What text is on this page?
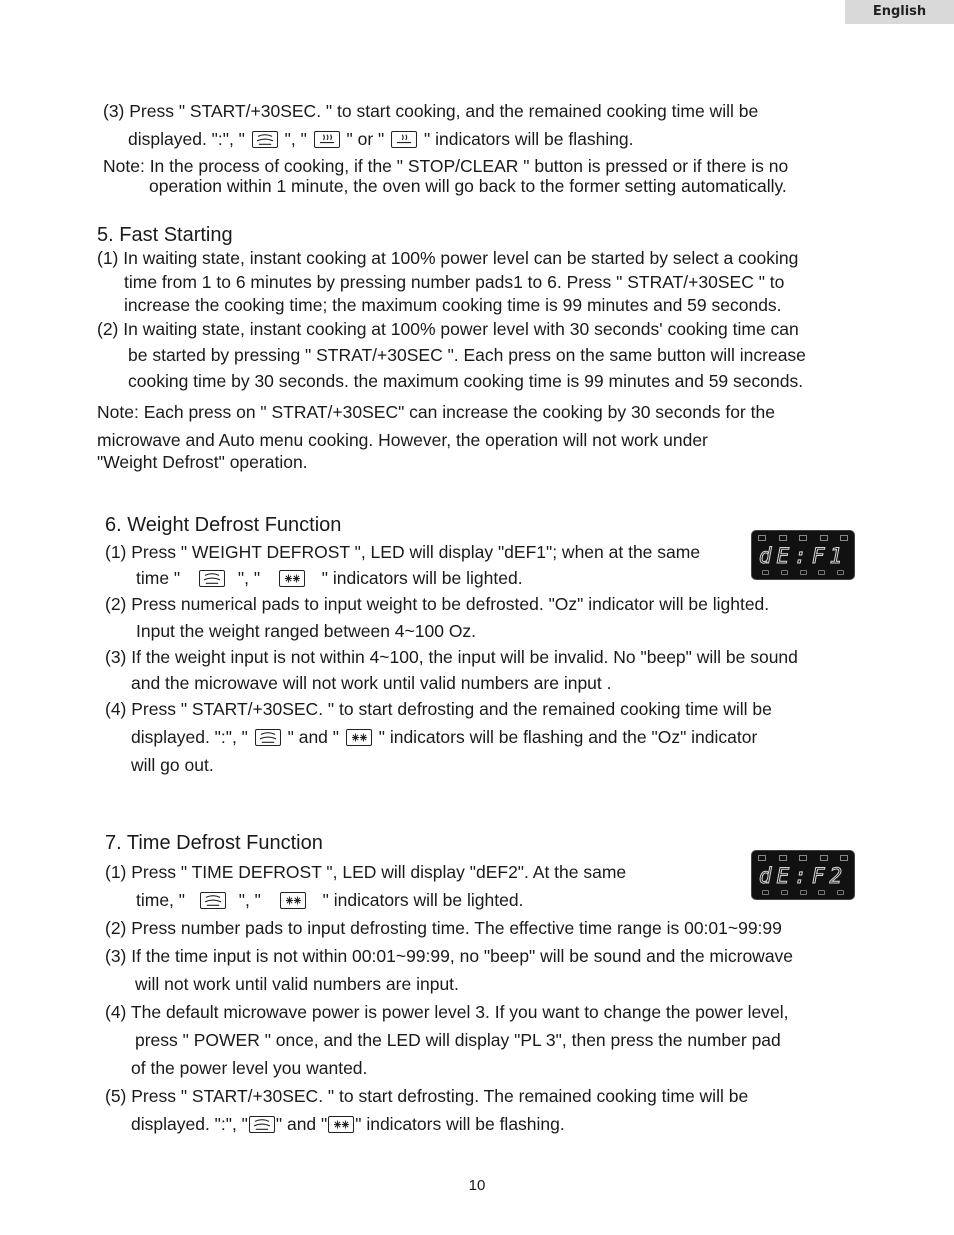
English
(3) Press " START/+30SEC. " to start cooking, and the remained cooking time will be
displayed. ":", " ", " " or " " indicators will be flashing.
Note: In the process of cooking, if the " STOP/CLEAR " button is pressed or if there is no
operation within 1 minute, the oven will go back to the former setting automatically.
5. Fast Starting
(1) In waiting state, instant cooking at 100% power level can be started by select a cooking
time from 1 to 6 minutes by pressing number pads1 to 6. Press " STRAT/+30SEC " to
increase the cooking time; the maximum cooking time is 99 minutes and 59 seconds.
(2) In waiting state, instant cooking at 100% power level with 30 seconds' cooking time can
be started by pressing " STRAT/+30SEC ". Each press on the same button will increase
cooking time by 30 seconds. the maximum cooking time is 99 minutes and 59 seconds.
Note: Each press on " STRAT/+30SEC" can increase the cooking by 30 seconds for the
microwave and Auto menu cooking. However, the operation will not work under
"Weight Defrost" operation.
6. Weight Defrost Function
dE:F1
(1) Press " WEIGHT DEFROST ", LED will display "dEF1"; when at the same
time "	", "	" indicators will be lighted.
(2) Press numerical pads to input weight to be defrosted. "Oz" indicator will be lighted.
Input the weight ranged between 4~100 Oz.
(3) If the weight input is not within 4~100, the input will be invalid. No "beep" will be sound
and the microwave will not work until valid numbers are input .
(4) Press " START/+30SEC. " to start defrosting and the remained cooking time will be
displayed. ":", " " and " " indicators will be flashing and the "Oz" indicator
will go out.
7. Time Defrost Function
dE:F2
(1) Press " TIME DEFROST ", LED will display "dEF2". At the same
time, "	", "	" indicators will be lighted.
(2) Press number pads to input defrosting time. The effective time range is 00:01~99:99
(3) If the time input is not within 00:01~99:99, no "beep" will be sound and the microwave
will not work until valid numbers are input.
(4) The default microwave power is power level 3. If you want to change the power level,
press " POWER " once, and the LED will display "PL 3", then press the number pad
of the power level you wanted.
(5) Press " START/+30SEC. " to start defrosting. The remained cooking time will be
displayed. ":", " " and " " indicators will be flashing.
10
